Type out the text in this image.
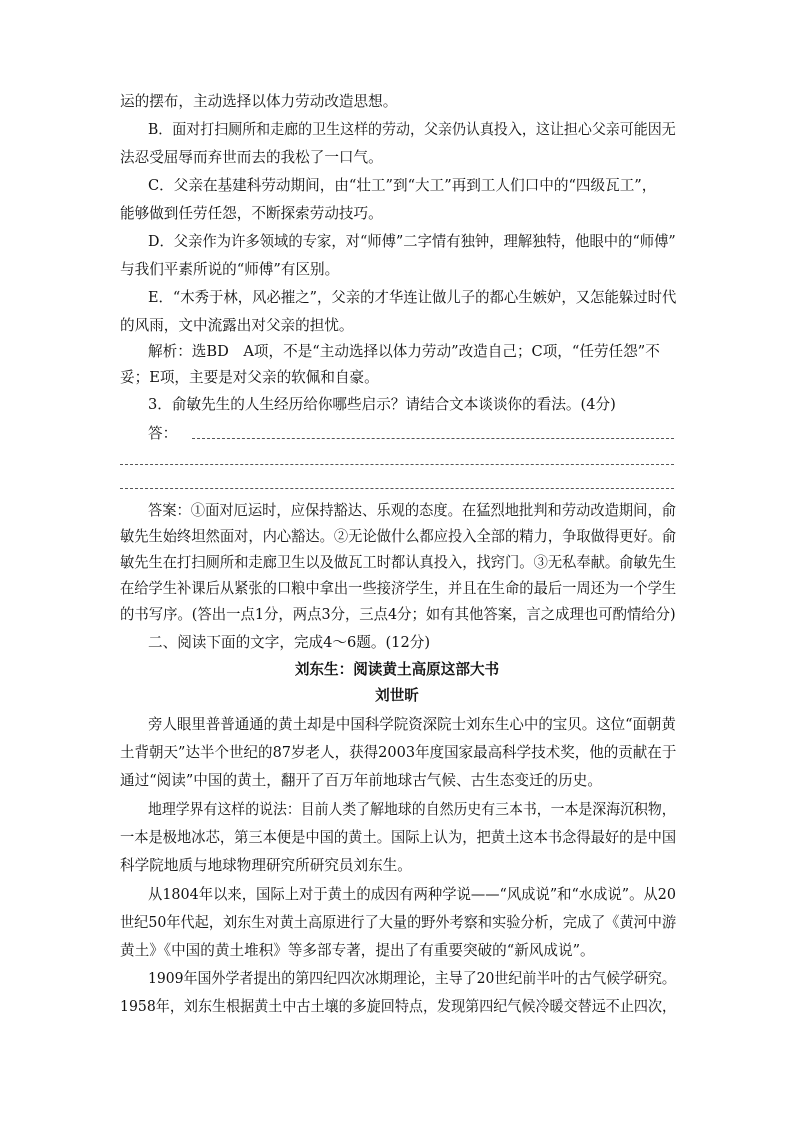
运的摆布，主动选择以体力劳动改造思想。
B．面对打扫厕所和走廊的卫生这样的劳动，父亲仍认真投入，这让担心父亲可能因无
法忍受屈辱而弃世而去的我松了一口气。
C．父亲在基建科劳动期间，由“壮工”到“大工”再到工人们口中的“四级瓦工”，
能够做到任劳任怨，不断探索劳动技巧。
D．父亲作为许多领域的专家，对“师傅”二字情有独钟，理解独特，他眼中的“师傅”
与我们平素所说的“师傅”有区别。
E．“木秀于林，风必摧之”，父亲的才华连让做儿子的都心生嫉妒，又怎能躲过时代
的风雨，文中流露出对父亲的担忧。
解析：选BD　A项，不是“主动选择以体力劳动”改造自己；C项，“任劳任怨”不
妥；E项，主要是对父亲的软佩和自豪。
3．俞敏先生的人生经历给你哪些启示？请结合文本谈谈你的看法。(4分)
答：
答案：①面对厄运时，应保持豁达、乐观的态度。在猛烈地批判和劳动改造期间，俞
敏先生始终坦然面对，内心豁达。②无论做什么都应投入全部的精力，争取做得更好。俞
敏先生在打扫厕所和走廊卫生以及做瓦工时都认真投入，找窍门。③无私奉献。俞敏先生
在给学生补课后从紧张的口粮中拿出一些接济学生，并且在生命的最后一周还为一个学生
的书写序。(答出一点1分，两点3分，三点4分；如有其他答案，言之成理也可酌情给分)
二、阅读下面的文字，完成4～6题。(12分)
刘东生：阅读黄土高原这部大书
刘世昕
旁人眼里普普通通的黄土却是中国科学院资深院士刘东生心中的宝贝。这位“面朝黄
土背朝天”达半个世纪的87岁老人，获得2003年度国家最高科学技术奖，他的贡献在于
通过“阅读”中国的黄土，翻开了百万年前地球古气候、古生态变迁的历史。
地理学界有这样的说法：目前人类了解地球的自然历史有三本书，一本是深海沉积物，
一本是极地冰芯，第三本便是中国的黄土。国际上认为，把黄土这本书念得最好的是中国
科学院地质与地球物理研究所研究员刘东生。
从1804年以来，国际上对于黄土的成因有两种学说——“风成说”和“水成说”。从20
世纪50年代起，刘东生对黄土高原进行了大量的野外考察和实验分析，完成了《黄河中游
黄土》《中国的黄土堆积》等多部专著，提出了有重要突破的“新风成说”。
1909年国外学者提出的第四纪四次冰期理论，主导了20世纪前半叶的古气候学研究。
1958年，刘东生根据黄土中古土壤的多旋回特点，发现第四纪气候冷暖交替远不止四次，
